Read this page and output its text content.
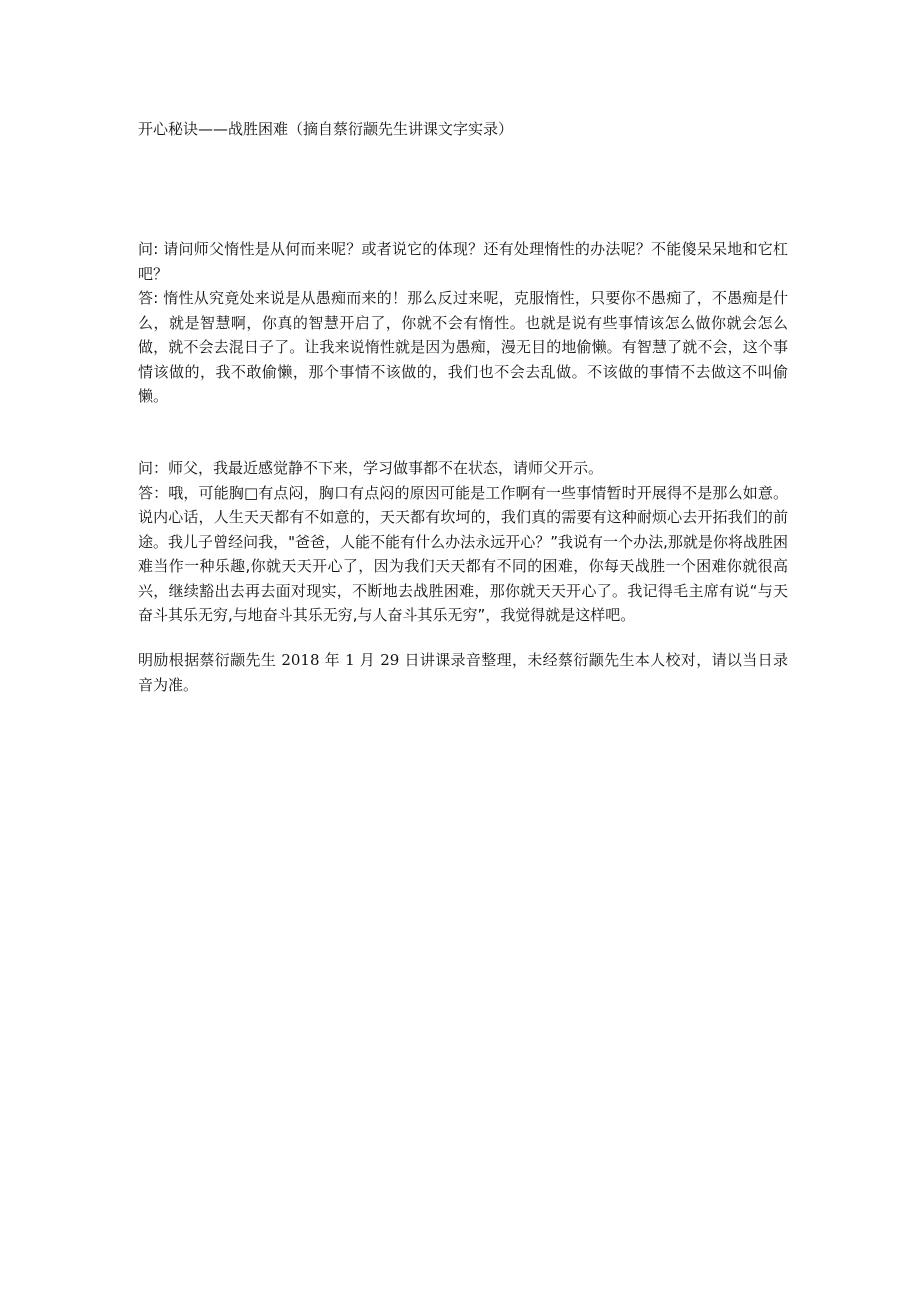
开心秘诀——战胜困难（摘自蔡衍颛先生讲课文字实录）

问: 请问师父惰性是从何而来呢？或者说它的体现？还有处理惰性的办法呢？不能傻呆呆地和它杠吧？

答: 惰性从究竟处来说是从愚痴而来的！那么反过来呢，克服惰性，只要你不愚痴了，不愚痴是什么，就是智慧啊，你真的智慧开启了，你就不会有惰性。也就是说有些事情该怎么做你就会怎么做，就不会去混日子了。让我来说惰性就是因为愚痴，漫无目的地偷懒。有智慧了就不会，这个事情该做的，我不敢偷懒，那个事情不该做的，我们也不会去乱做。不该做的事情不去做这不叫偷懒。

问：师父，我最近感觉静不下来，学习做事都不在状态，请师父开示。

答：哦，可能胸□有点闷，胸口有点闷的原因可能是工作啊有一些事情暂时开展得不是那么如意。说内心话，人生天天都有不如意的，天天都有坎坷的，我们真的需要有这种耐烦心去开拓我们的前途。我儿子曾经问我，"爸爸，人能不能有什么办法永远开心？”我说有一个办法,那就是你将战胜困难当作一种乐趣,你就天天开心了，因为我们天天都有不同的困难，你每天战胜一个困难你就很高兴，继续豁出去再去面对现实，不断地去战胜困难，那你就天天开心了。我记得毛主席有说“与天奋斗其乐无穷,与地奋斗其乐无穷,与人奋斗其乐无穷”，我觉得就是这样吧。

明励根据蔡衍颛先生 2018 年 1 月 29 日讲课录音整理，未经蔡衍颛先生本人校对，请以当日录音为准。
